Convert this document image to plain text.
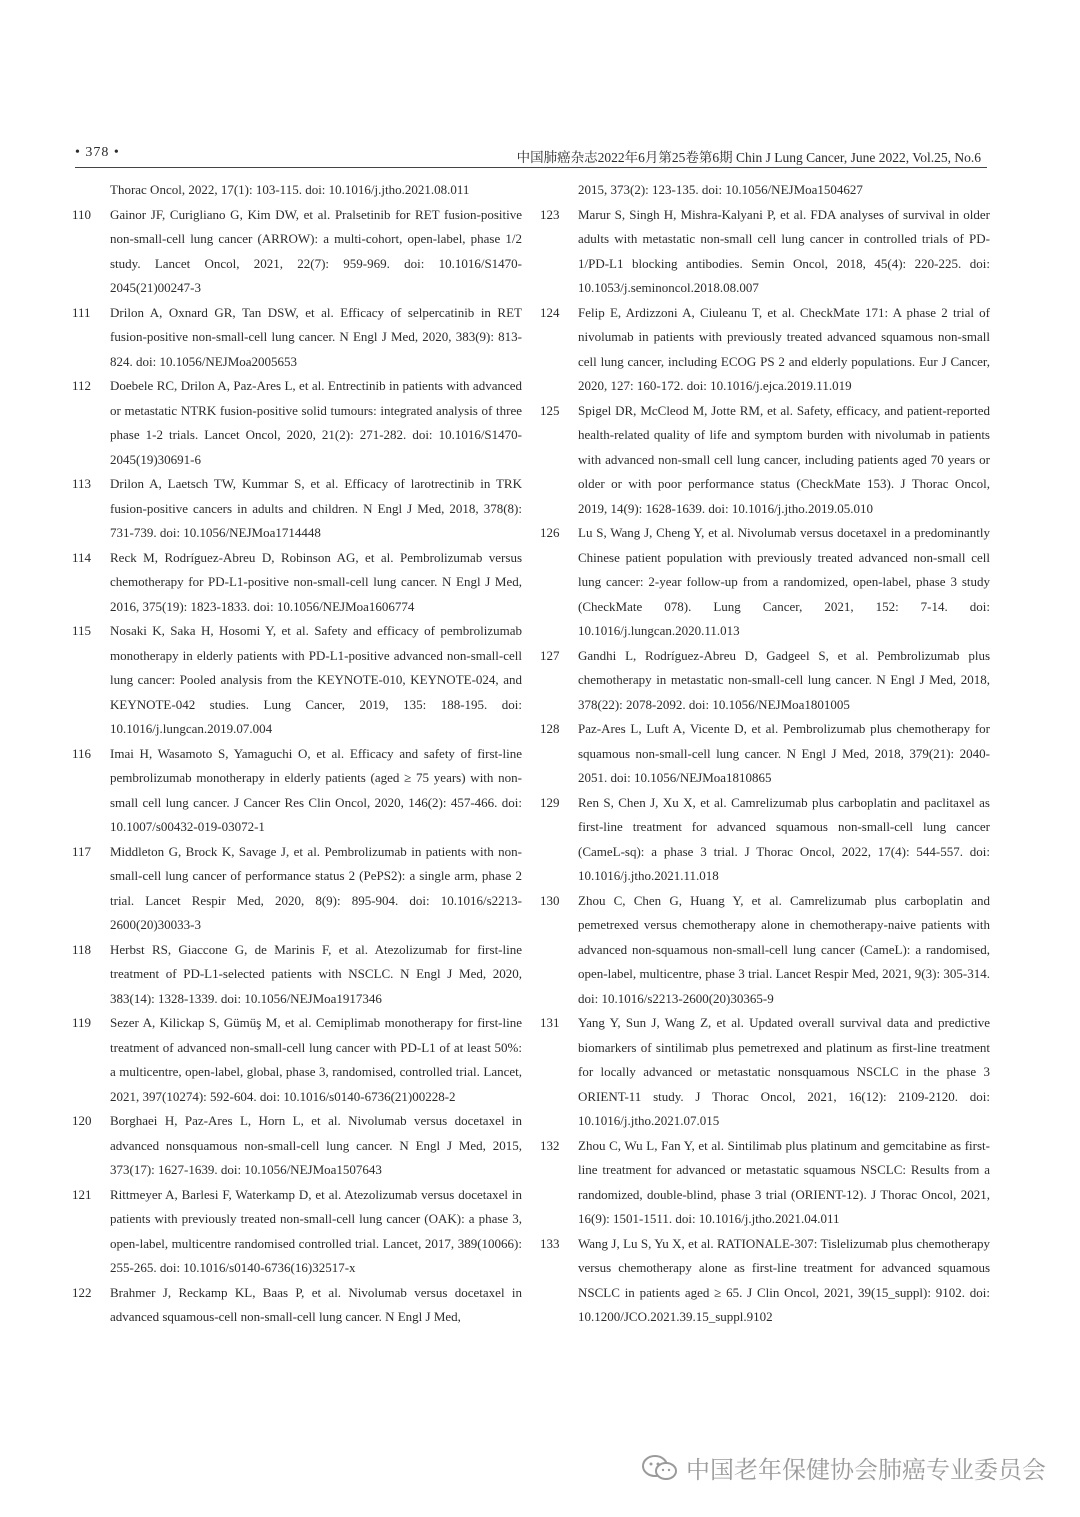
• 378 •	中国肺癌杂志2022年6月第25卷第6期 Chin J Lung Cancer, June 2022, Vol.25, No.6
Thorac Oncol, 2022, 17(1): 103-115. doi: 10.1016/j.jtho.2021.08.011
110	Gainor JF, Curigliano G, Kim DW, et al. Pralsetinib for RET fusion-positive non-small-cell lung cancer (ARROW): a multi-cohort, open-label, phase 1/2 study. Lancet Oncol, 2021, 22(7): 959-969. doi: 10.1016/S1470-2045(21)00247-3
111	Drilon A, Oxnard GR, Tan DSW, et al. Efficacy of selpercatinib in RET fusion-positive non-small-cell lung cancer. N Engl J Med, 2020, 383(9): 813-824. doi: 10.1056/NEJMoa2005653
112	Doebele RC, Drilon A, Paz-Ares L, et al. Entrectinib in patients with advanced or metastatic NTRK fusion-positive solid tumours: integrated analysis of three phase 1-2 trials. Lancet Oncol, 2020, 21(2): 271-282. doi: 10.1016/S1470-2045(19)30691-6
113	Drilon A, Laetsch TW, Kummar S, et al. Efficacy of larotrectinib in TRK fusion-positive cancers in adults and children. N Engl J Med, 2018, 378(8): 731-739. doi: 10.1056/NEJMoa1714448
114	Reck M, Rodríguez-Abreu D, Robinson AG, et al. Pembrolizumab versus chemotherapy for PD-L1-positive non-small-cell lung cancer. N Engl J Med, 2016, 375(19): 1823-1833. doi: 10.1056/NEJMoa1606774
115	Nosaki K, Saka H, Hosomi Y, et al. Safety and efficacy of pembrolizumab monotherapy in elderly patients with PD-L1-positive advanced non-small-cell lung cancer: Pooled analysis from the KEYNOTE-010, KEYNOTE-024, and KEYNOTE-042 studies. Lung Cancer, 2019, 135: 188-195. doi: 10.1016/j.lungcan.2019.07.004
116	Imai H, Wasamoto S, Yamaguchi O, et al. Efficacy and safety of first-line pembrolizumab monotherapy in elderly patients (aged ≥ 75 years) with non-small cell lung cancer. J Cancer Res Clin Oncol, 2020, 146(2): 457-466. doi: 10.1007/s00432-019-03072-1
117	Middleton G, Brock K, Savage J, et al. Pembrolizumab in patients with non-small-cell lung cancer of performance status 2 (PePS2): a single arm, phase 2 trial. Lancet Respir Med, 2020, 8(9): 895-904. doi: 10.1016/s2213-2600(20)30033-3
118	Herbst RS, Giaccone G, de Marinis F, et al. Atezolizumab for first-line treatment of PD-L1-selected patients with NSCLC. N Engl J Med, 2020, 383(14): 1328-1339. doi: 10.1056/NEJMoa1917346
119	Sezer A, Kilickap S, Gümüş M, et al. Cemiplimab monotherapy for first-line treatment of advanced non-small-cell lung cancer with PD-L1 of at least 50%: a multicentre, open-label, global, phase 3, randomised, controlled trial. Lancet, 2021, 397(10274): 592-604. doi: 10.1016/s0140-6736(21)00228-2
120	Borghaei H, Paz-Ares L, Horn L, et al. Nivolumab versus docetaxel in advanced nonsquamous non-small-cell lung cancer. N Engl J Med, 2015, 373(17): 1627-1639. doi: 10.1056/NEJMoa1507643
121	Rittmeyer A, Barlesi F, Waterkamp D, et al. Atezolizumab versus docetaxel in patients with previously treated non-small-cell lung cancer (OAK): a phase 3, open-label, multicentre randomised controlled trial. Lancet, 2017, 389(10066): 255-265. doi: 10.1016/s0140-6736(16)32517-x
122	Brahmer J, Reckamp KL, Baas P, et al. Nivolumab versus docetaxel in advanced squamous-cell non-small-cell lung cancer. N Engl J Med,
2015, 373(2): 123-135. doi: 10.1056/NEJMoa1504627
123	Marur S, Singh H, Mishra-Kalyani P, et al. FDA analyses of survival in older adults with metastatic non-small cell lung cancer in controlled trials of PD-1/PD-L1 blocking antibodies. Semin Oncol, 2018, 45(4): 220-225. doi: 10.1053/j.seminoncol.2018.08.007
124	Felip E, Ardizzoni A, Ciuleanu T, et al. CheckMate 171: A phase 2 trial of nivolumab in patients with previously treated advanced squamous non-small cell lung cancer, including ECOG PS 2 and elderly populations. Eur J Cancer, 2020, 127: 160-172. doi: 10.1016/j.ejca.2019.11.019
125	Spigel DR, McCleod M, Jotte RM, et al. Safety, efficacy, and patient-reported health-related quality of life and symptom burden with nivolumab in patients with advanced non-small cell lung cancer, including patients aged 70 years or older or with poor performance status (CheckMate 153). J Thorac Oncol, 2019, 14(9): 1628-1639. doi: 10.1016/j.jtho.2019.05.010
126	Lu S, Wang J, Cheng Y, et al. Nivolumab versus docetaxel in a predominantly Chinese patient population with previously treated advanced non-small cell lung cancer: 2-year follow-up from a randomized, open-label, phase 3 study (CheckMate 078). Lung Cancer, 2021, 152: 7-14. doi: 10.1016/j.lungcan.2020.11.013
127	Gandhi L, Rodríguez-Abreu D, Gadgeel S, et al. Pembrolizumab plus chemotherapy in metastatic non-small-cell lung cancer. N Engl J Med, 2018, 378(22): 2078-2092. doi: 10.1056/NEJMoa1801005
128	Paz-Ares L, Luft A, Vicente D, et al. Pembrolizumab plus chemotherapy for squamous non-small-cell lung cancer. N Engl J Med, 2018, 379(21): 2040-2051. doi: 10.1056/NEJMoa1810865
129	Ren S, Chen J, Xu X, et al. Camrelizumab plus carboplatin and paclitaxel as first-line treatment for advanced squamous non-small-cell lung cancer (CameL-sq): a phase 3 trial. J Thorac Oncol, 2022, 17(4): 544-557. doi: 10.1016/j.jtho.2021.11.018
130	Zhou C, Chen G, Huang Y, et al. Camrelizumab plus carboplatin and pemetrexed versus chemotherapy alone in chemotherapy-naive patients with advanced non-squamous non-small-cell lung cancer (CameL): a randomised, open-label, multicentre, phase 3 trial. Lancet Respir Med, 2021, 9(3): 305-314. doi: 10.1016/s2213-2600(20)30365-9
131	Yang Y, Sun J, Wang Z, et al. Updated overall survival data and predictive biomarkers of sintilimab plus pemetrexed and platinum as first-line treatment for locally advanced or metastatic nonsquamous NSCLC in the phase 3 ORIENT-11 study. J Thorac Oncol, 2021, 16(12): 2109-2120. doi: 10.1016/j.jtho.2021.07.015
132	Zhou C, Wu L, Fan Y, et al. Sintilimab plus platinum and gemcitabine as first-line treatment for advanced or metastatic squamous NSCLC: Results from a randomized, double-blind, phase 3 trial (ORIENT-12). J Thorac Oncol, 2021, 16(9): 1501-1511. doi: 10.1016/j.jtho.2021.04.011
133	Wang J, Lu S, Yu X, et al. RATIONALE-307: Tislelizumab plus chemotherapy versus chemotherapy alone as first-line treatment for advanced squamous NSCLC in patients aged ≥ 65. J Clin Oncol, 2021, 39(15_suppl): 9102. doi: 10.1200/JCO.2021.39.15_suppl.9102
中国老年保健协会肺癌专业委员会
